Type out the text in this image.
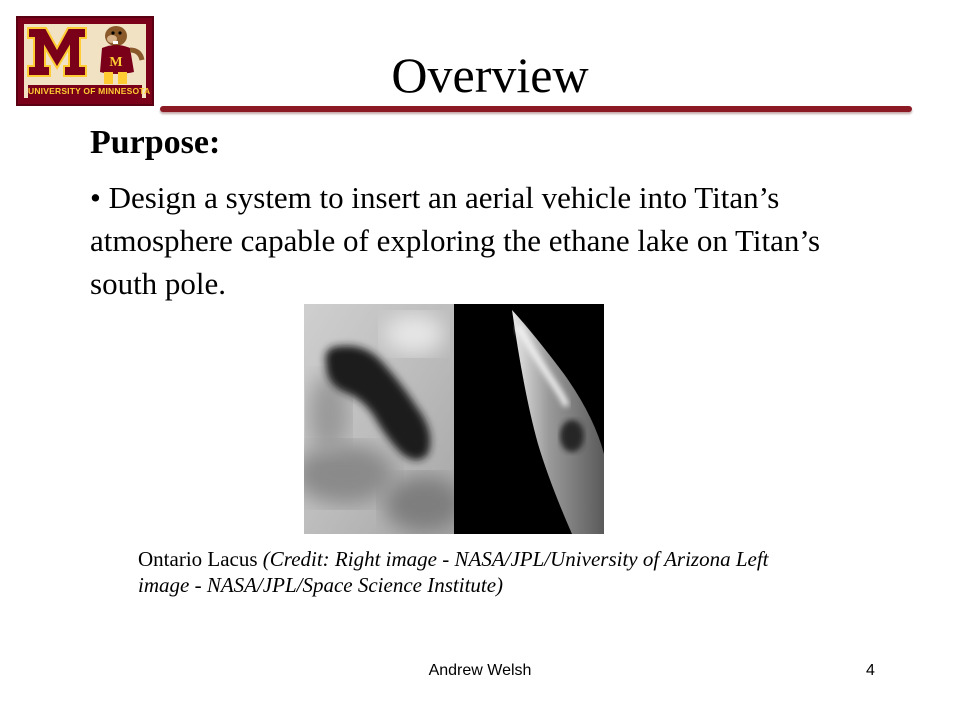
M
UNIVERSITY OF MINNESOTA	Overview
Purpose:
• Design a system to insert an aerial vehicle into Titan’s atmosphere capable of exploring the ethane lake on Titan’s south pole.
Ontario Lacus (Credit: Right image - NASA/JPL/University of Arizona Left image - NASA/JPL/Space Science Institute)
Andrew Welsh	4
